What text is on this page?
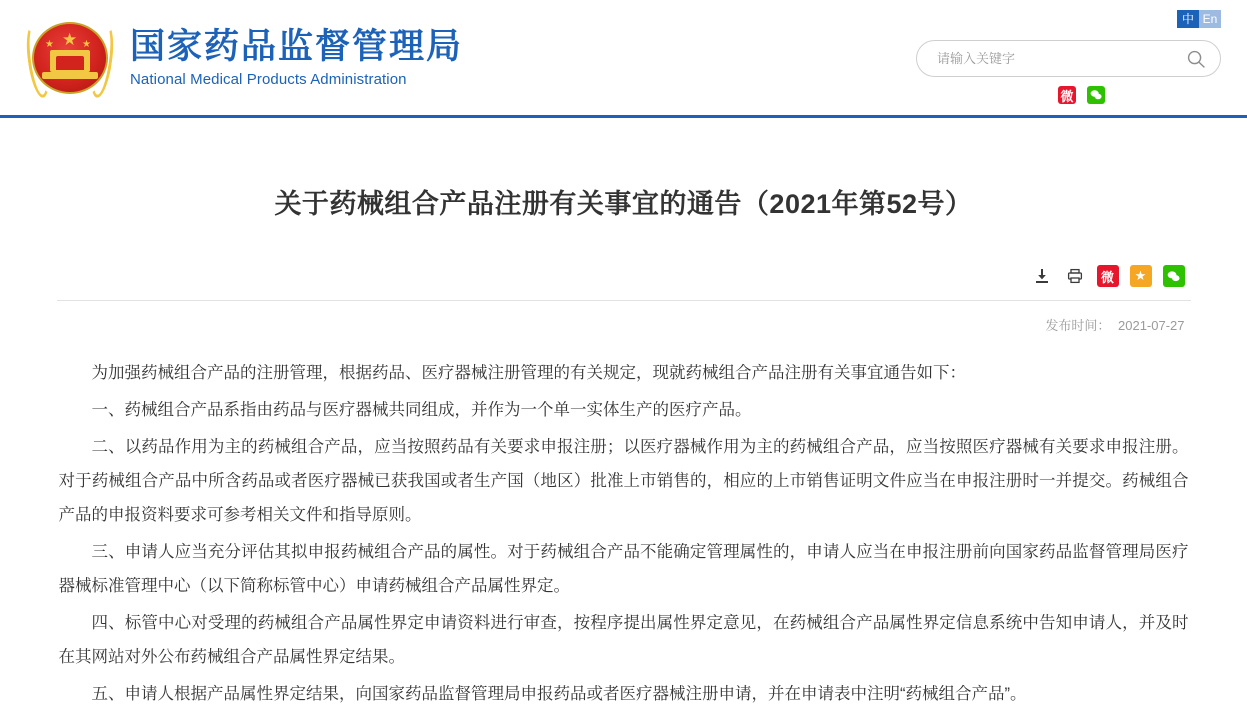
中 En
★
★	★ 国家药品监督管理局
National Medical Products Administration
请输入关键字
微
关于药械组合产品注册有关事宜的通告（2021年第52号）
微	★
发布时间： 2021-07-27

为加强药械组合产品的注册管理，根据药品、医疗器械注册管理的有关规定，现就药械组合产品注册有关事宜通告如下：

一、药械组合产品系指由药品与医疗器械共同组成，并作为一个单一实体生产的医疗产品。

二、以药品作用为主的药械组合产品，应当按照药品有关要求申报注册；以医疗器械作用为主的药械组合产品，应当按照医疗器械有关要求申报注册。对于药械组合产品中所含药品或者医疗器械已获我国或者生产国（地区）批准上市销售的，相应的上市销售证明文件应当在申报注册时一并提交。药械组合产品的申报资料要求可参考相关文件和指导原则。

三、申请人应当充分评估其拟申报药械组合产品的属性。对于药械组合产品不能确定管理属性的，申请人应当在申报注册前向国家药品监督管理局医疗器械标准管理中心（以下简称标管中心）申请药械组合产品属性界定。

四、标管中心对受理的药械组合产品属性界定申请资料进行审查，按程序提出属性界定意见，在药械组合产品属性界定信息系统中告知申请人，并及时在其网站对外公布药械组合产品属性界定结果。

五、申请人根据产品属性界定结果，向国家药品监督管理局申报药品或者医疗器械注册申请，并在申请表中注明“药械组合产品”。
